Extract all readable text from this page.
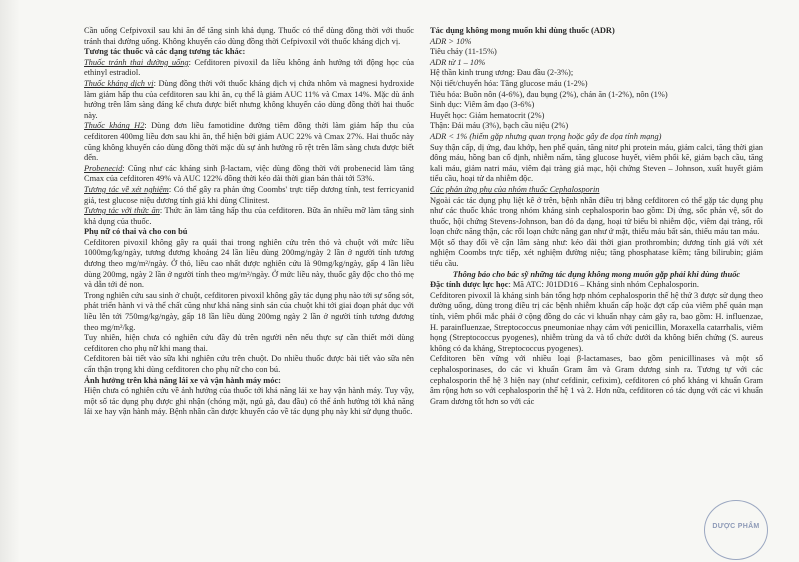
Cần uống Cefpivoxil sau khi ăn để tăng sinh khả dụng. Thuốc có thể dùng đồng thời với thuốc tránh thai đường uống. Không khuyến cáo dùng đồng thời Cefpivoxil với thuốc kháng dịch vị.

Tương tác thuốc và các dạng tương tác khác:

Thuốc tránh thai đường uống: Cefditoren pivoxil đa liều không ảnh hưởng tới động học của ethinyl estradiol.

Thuốc kháng dịch vị: Dùng đồng thời với thuốc kháng dịch vị chứa nhôm và magnesi hydroxide làm giảm hấp thu của cefditoren sau khi ăn, cụ thể là giảm AUC 11% và Cmax 14%. Mặc dù ảnh hưởng trên lâm sàng đáng kể chưa được biết nhưng không khuyến cáo dùng đồng thời hai thuốc này.

Thuốc kháng H2: Dùng đơn liều famotidine đường tiêm đồng thời làm giảm hấp thu của cefditoren 400mg liều đơn sau khi ăn, thể hiện bởi giảm AUC 22% và Cmax 27%. Hai thuốc này cũng không khuyến cáo dùng đồng thời mặc dù sự ảnh hưởng rõ rệt trên lâm sàng chưa được biết đến.

Probenecid: Cũng như các kháng sinh β-lactam, việc dùng đồng thời với probenecid làm tăng Cmax của cefditoren 49% và AUC 122% đồng thời kéo dài thời gian bán thải tới 53%.

Tương tác về xét nghiệm: Có thể gây ra phản ứng Coombs' trực tiếp dương tính, test ferricyanid giả, test glucose niệu dương tính giả khi dùng Clinitest.

Tương tác với thức ăn: Thức ăn làm tăng hấp thu của cefditoren. Bữa ăn nhiều mỡ làm tăng sinh khả dụng của thuốc.

Phụ nữ có thai và cho con bú

Cefditoren pivoxil không gây ra quái thai trong nghiên cứu trên thỏ và chuột với mức liều 1000mg/kg/ngày, tương đương khoảng 24 lần liều dùng 200mg/ngày 2 lần ở người tính tương đương theo mg/m²/ngày. Ở thỏ, liều cao nhất được nghiên cứu là 90mg/kg/ngày, gấp 4 lần liều dùng 200mg, ngày 2 lần ở người tính theo mg/m²/ngày. Ở mức liều này, thuốc gây độc cho thỏ mẹ và dẫn tới đẻ non.

Trong nghiên cứu sau sinh ở chuột, cefditoren pivoxil không gây tác dụng phụ nào tới sự sống sót, phát triển hành vi và thể chất cũng như khả năng sinh sản của chuột khi tới giai đoạn phát dục với liều lên tới 750mg/kg/ngày, gấp 18 lần liều dùng 200mg ngày 2 lần ở người tính tương đương theo mg/m²/kg.

Tuy nhiên, hiện chưa có nghiên cứu đầy đủ trên người nên nếu thực sự cần thiết mới dùng cefditoren cho phụ nữ khi mang thai.

Cefditoren bài tiết vào sữa khi nghiên cứu trên chuột. Do nhiều thuốc được bài tiết vào sữa nên cẩn thận trọng khi dùng cefditoren cho phụ nữ cho con bú.

Ảnh hưởng trên khả năng lái xe và vận hành máy móc:

Hiện chưa có nghiên cứu về ảnh hưởng của thuốc tới khả năng lái xe hay vận hành máy. Tuy vậy, một số tác dụng phụ được ghi nhận (chóng mặt, ngủ gà, đau đầu) có thể ảnh hưởng tới khả năng lái xe hay vận hành máy. Bệnh nhân cần được khuyến cáo về tác dụng phụ này khi sử dụng thuốc.

Tác dụng không mong muốn khi dùng thuốc (ADR)

ADR > 10%

Tiêu chảy (11-15%)

ADR từ 1 – 10%

Hệ thần kinh trung ương: Đau đầu (2-3%);

Nội tiết/chuyển hóa: Tăng glucose máu (1-2%)

Tiêu hóa: Buồn nôn (4-6%), đau bụng (2%), chán ăn (1-2%), nôn (1%)

Sinh dục: Viêm âm đạo (3-6%)

Huyết học: Giảm hematocrit (2%)

Thận: Đái máu (3%), bạch cầu niệu (2%)

ADR < 1% (hiếm gặp nhưng quan trọng hoặc gây đe dọa tính mạng)

Suy thận cấp, dị ứng, đau khớp, hen phế quản, tăng nitơ phi protein máu, giảm calci, tăng thời gian đông máu, hồng ban cố định, nhiễm nấm, tăng glucose huyết, viêm phổi kẽ, giảm bạch cầu, tăng kali máu, giảm natri máu, viêm đại tràng giả mạc, hội chứng Steven – Johnson, xuất huyết giảm tiểu cầu, hoại tử da nhiễm độc.

Các phản ứng phụ của nhóm thuốc Cephalosporin

Ngoài các tác dụng phụ liệt kê ở trên, bệnh nhân điều trị bằng cefditoren có thể gặp tác dụng phụ như các thuốc khác trong nhóm kháng sinh cephalosporin bao gồm: Dị ứng, sốc phản vệ, sốt do thuốc, hội chứng Stevens-Johnson, ban đỏ đa dạng, hoại tử biểu bì nhiễm độc, viêm đại tràng, rối loạn chức năng thận, các rối loạn chức năng gan như ứ mật, thiếu máu bất sản, thiếu máu tan máu.

Một số thay đổi về cận lâm sàng như: kéo dài thời gian prothrombin; dương tính giả với xét nghiệm Coombs trực tiếp, xét nghiệm đường niệu; tăng phosphatase kiềm; tăng bilirubin; giảm tiểu cầu.

Thông báo cho bác sỹ những tác dụng không mong muốn gặp phải khi dùng thuốc

Đặc tính dược lực học: Mã ATC: J01DD16 – Kháng sinh nhóm Cephalosporin.

Cefditoren pivoxil là kháng sinh bán tổng hợp nhóm cephalosporin thế hệ thứ 3 được sử dụng theo đường uống, dùng trong điều trị các bệnh nhiễm khuẩn cấp hoặc đợt cấp của viêm phế quản mạn tính, viêm phổi mắc phải ở cộng đồng do các vi khuẩn nhạy cảm gây ra, bao gồm: H. influenzae, H. parainfluenzae, Streptococcus pneumoniae nhạy cảm với penicillin, Moraxella catarrhalis, viêm họng (Streptococcus pyogenes), nhiễm trùng da và tổ chức dưới da không biến chứng (S. aureus không có đa kháng, Streptococcus pyogenes).

Cefditoren bền vững với nhiều loại β-lactamases, bao gồm penicillinases và một số cephalosporinases, do các vi khuẩn Gram âm và Gram dương sinh ra. Tương tự với các cephalosporin thế hệ 3 hiện nay (như cefdinir, cefixim), cefditoren có phổ kháng vi khuẩn Gram âm rộng hơn so với cephalosporin thế hệ 1 và 2. Hơn nữa, cefditoren có tác dụng với các vi khuẩn Gram dương tốt hơn so với các

DƯỢC PHẨM
